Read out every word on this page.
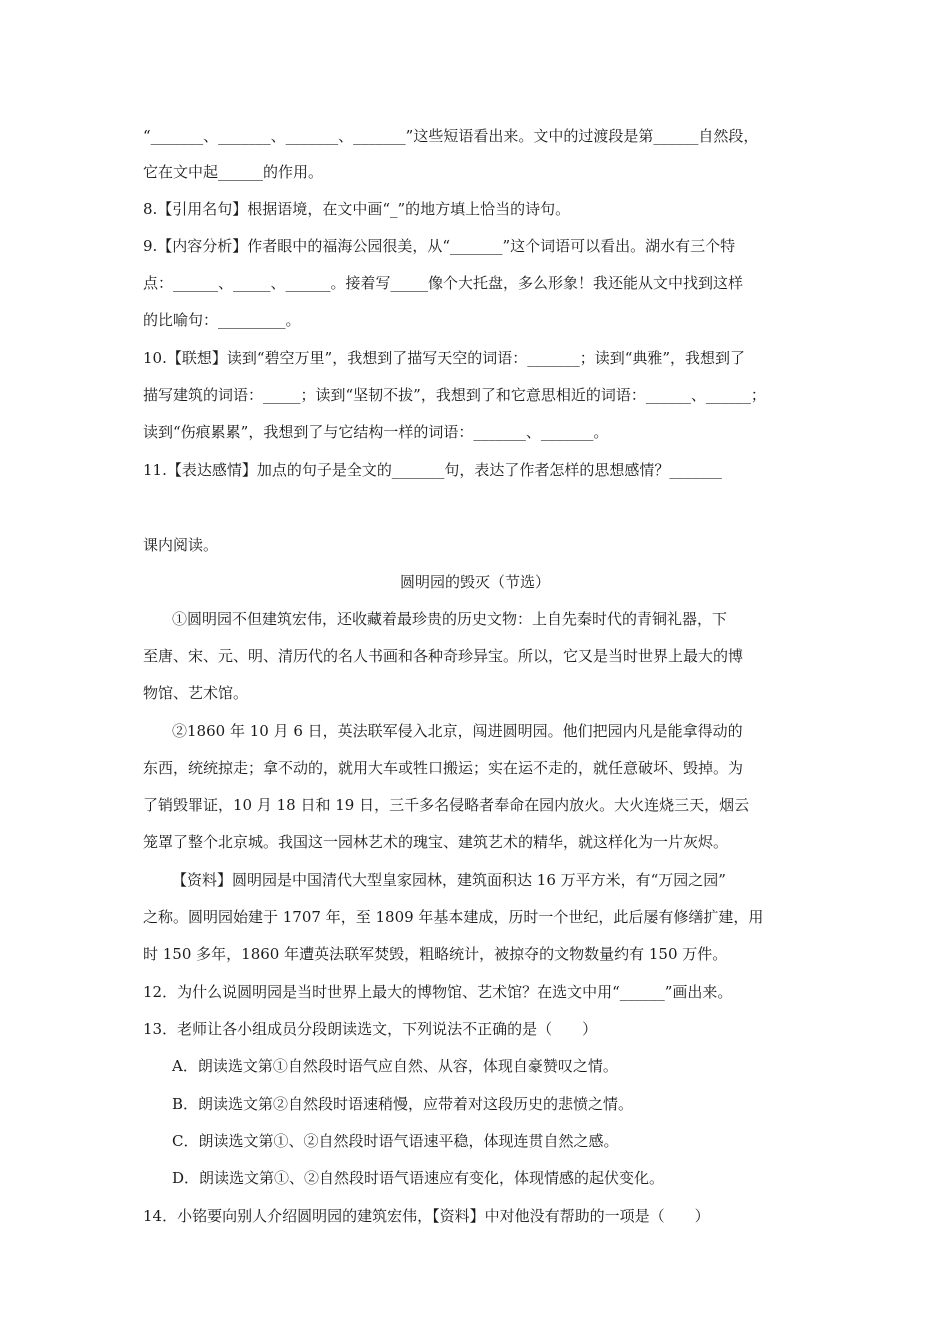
“_______、_______、_______、_______”这些短语看出来。文中的过渡段是第______自然段，
它在文中起______的作用。
8.【引用名句】根据语境，在文中画“_”的地方填上恰当的诗句。
9.【内容分析】作者眼中的福海公园很美，从“_______”这个词语可以看出。湖水有三个特
点：______、_____、______。接着写_____像个大托盘，多么形象！我还能从文中找到这样
的比喻句：_________。
10.【联想】读到“碧空万里”，我想到了描写天空的词语：_______；读到“典雅”，我想到了
描写建筑的词语：_____；读到“坚韧不拔”，我想到了和它意思相近的词语：______、______；
读到“伤痕累累”，我想到了与它结构一样的词语：_______、_______。
11.【表达感情】加点的句子是全文的_______句，表达了作者怎样的思想感情？_______
课内阅读。
圆明园的毁灭（节选）
①圆明园不但建筑宏伟，还收藏着最珍贵的历史文物：上自先秦时代的青铜礼器，下
至唐、宋、元、明、清历代的名人书画和各种奇珍异宝。所以，它又是当时世界上最大的博
物馆、艺术馆。
②1860 年 10 月 6 日，英法联军侵入北京，闯进圆明园。他们把园内凡是能拿得动的
东西，统统掠走；拿不动的，就用大车或牲口搬运；实在运不走的，就任意破坏、毁掉。为
了销毁罪证，10 月 18 日和 19 日，三千多名侵略者奉命在园内放火。大火连烧三天，烟云
笼罩了整个北京城。我国这一园林艺术的瑰宝、建筑艺术的精华，就这样化为一片灰烬。
【资料】圆明园是中国清代大型皇家园林，建筑面积达 16 万平方米，有“万园之园”
之称。圆明园始建于 1707 年，至 1809 年基本建成，历时一个世纪，此后屡有修缮扩建，用
时 150 多年，1860 年遭英法联军焚毁，粗略统计，被掠夺的文物数量约有 150 万件。
12．为什么说圆明园是当时世界上最大的博物馆、艺术馆？在选文中用“______”画出来。
13．老师让各小组成员分段朗读选文，下列说法不正确的是（　　）
A．朗读选文第①自然段时语气应自然、从容，体现自豪赞叹之情。
B．朗读选文第②自然段时语速稍慢，应带着对这段历史的悲愤之情。
C．朗读选文第①、②自然段时语气语速平稳，体现连贯自然之感。
D．朗读选文第①、②自然段时语气语速应有变化，体现情感的起伏变化。
14．小铭要向别人介绍圆明园的建筑宏伟，【资料】中对他没有帮助的一项是（　　）
